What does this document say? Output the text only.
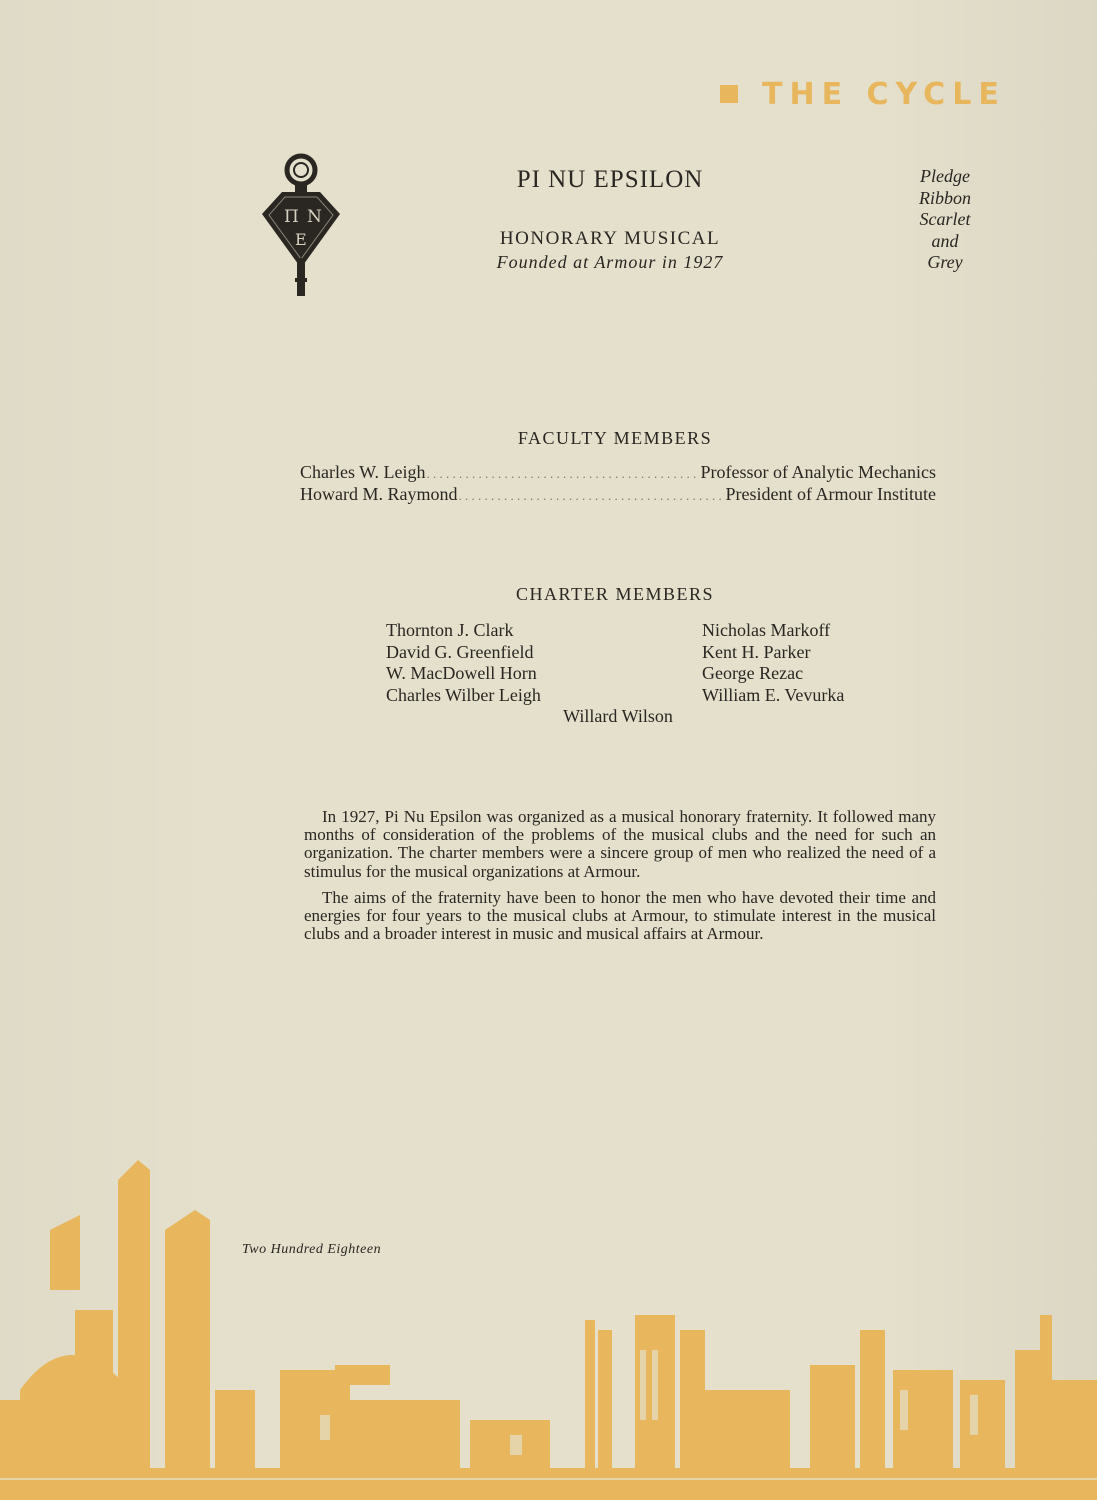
THE CYCLE
Π N
E
PI NU EPSILON
HONORARY MUSICAL
Founded at Armour in 1927
Pledge
Ribbon
Scarlet
and
Grey
FACULTY MEMBERS
Charles W. Leigh . . .	Professor of Analytic Mechanics
Howard M. Raymond . . .	President of Armour Institute
CHARTER MEMBERS
Thornton J. Clark
David G. Greenfield
W. MacDowell Horn
Charles Wilber Leigh
Nicholas Markoff
Kent H. Parker
George Rezac
William E. Vevurka
Willard Wilson

In 1927, Pi Nu Epsilon was organized as a musical honorary fraternity. It followed many months of consideration of the problems of the musical clubs and the need for such an organization. The charter members were a sincere group of men who realized the need of a stimulus for the musical organizations at Armour.

The aims of the fraternity have been to honor the men who have devoted their time and energies for four years to the musical clubs at Armour, to stimulate interest in the musical clubs and a broader interest in music and musical affairs at Armour.

Two Hundred Eighteen
